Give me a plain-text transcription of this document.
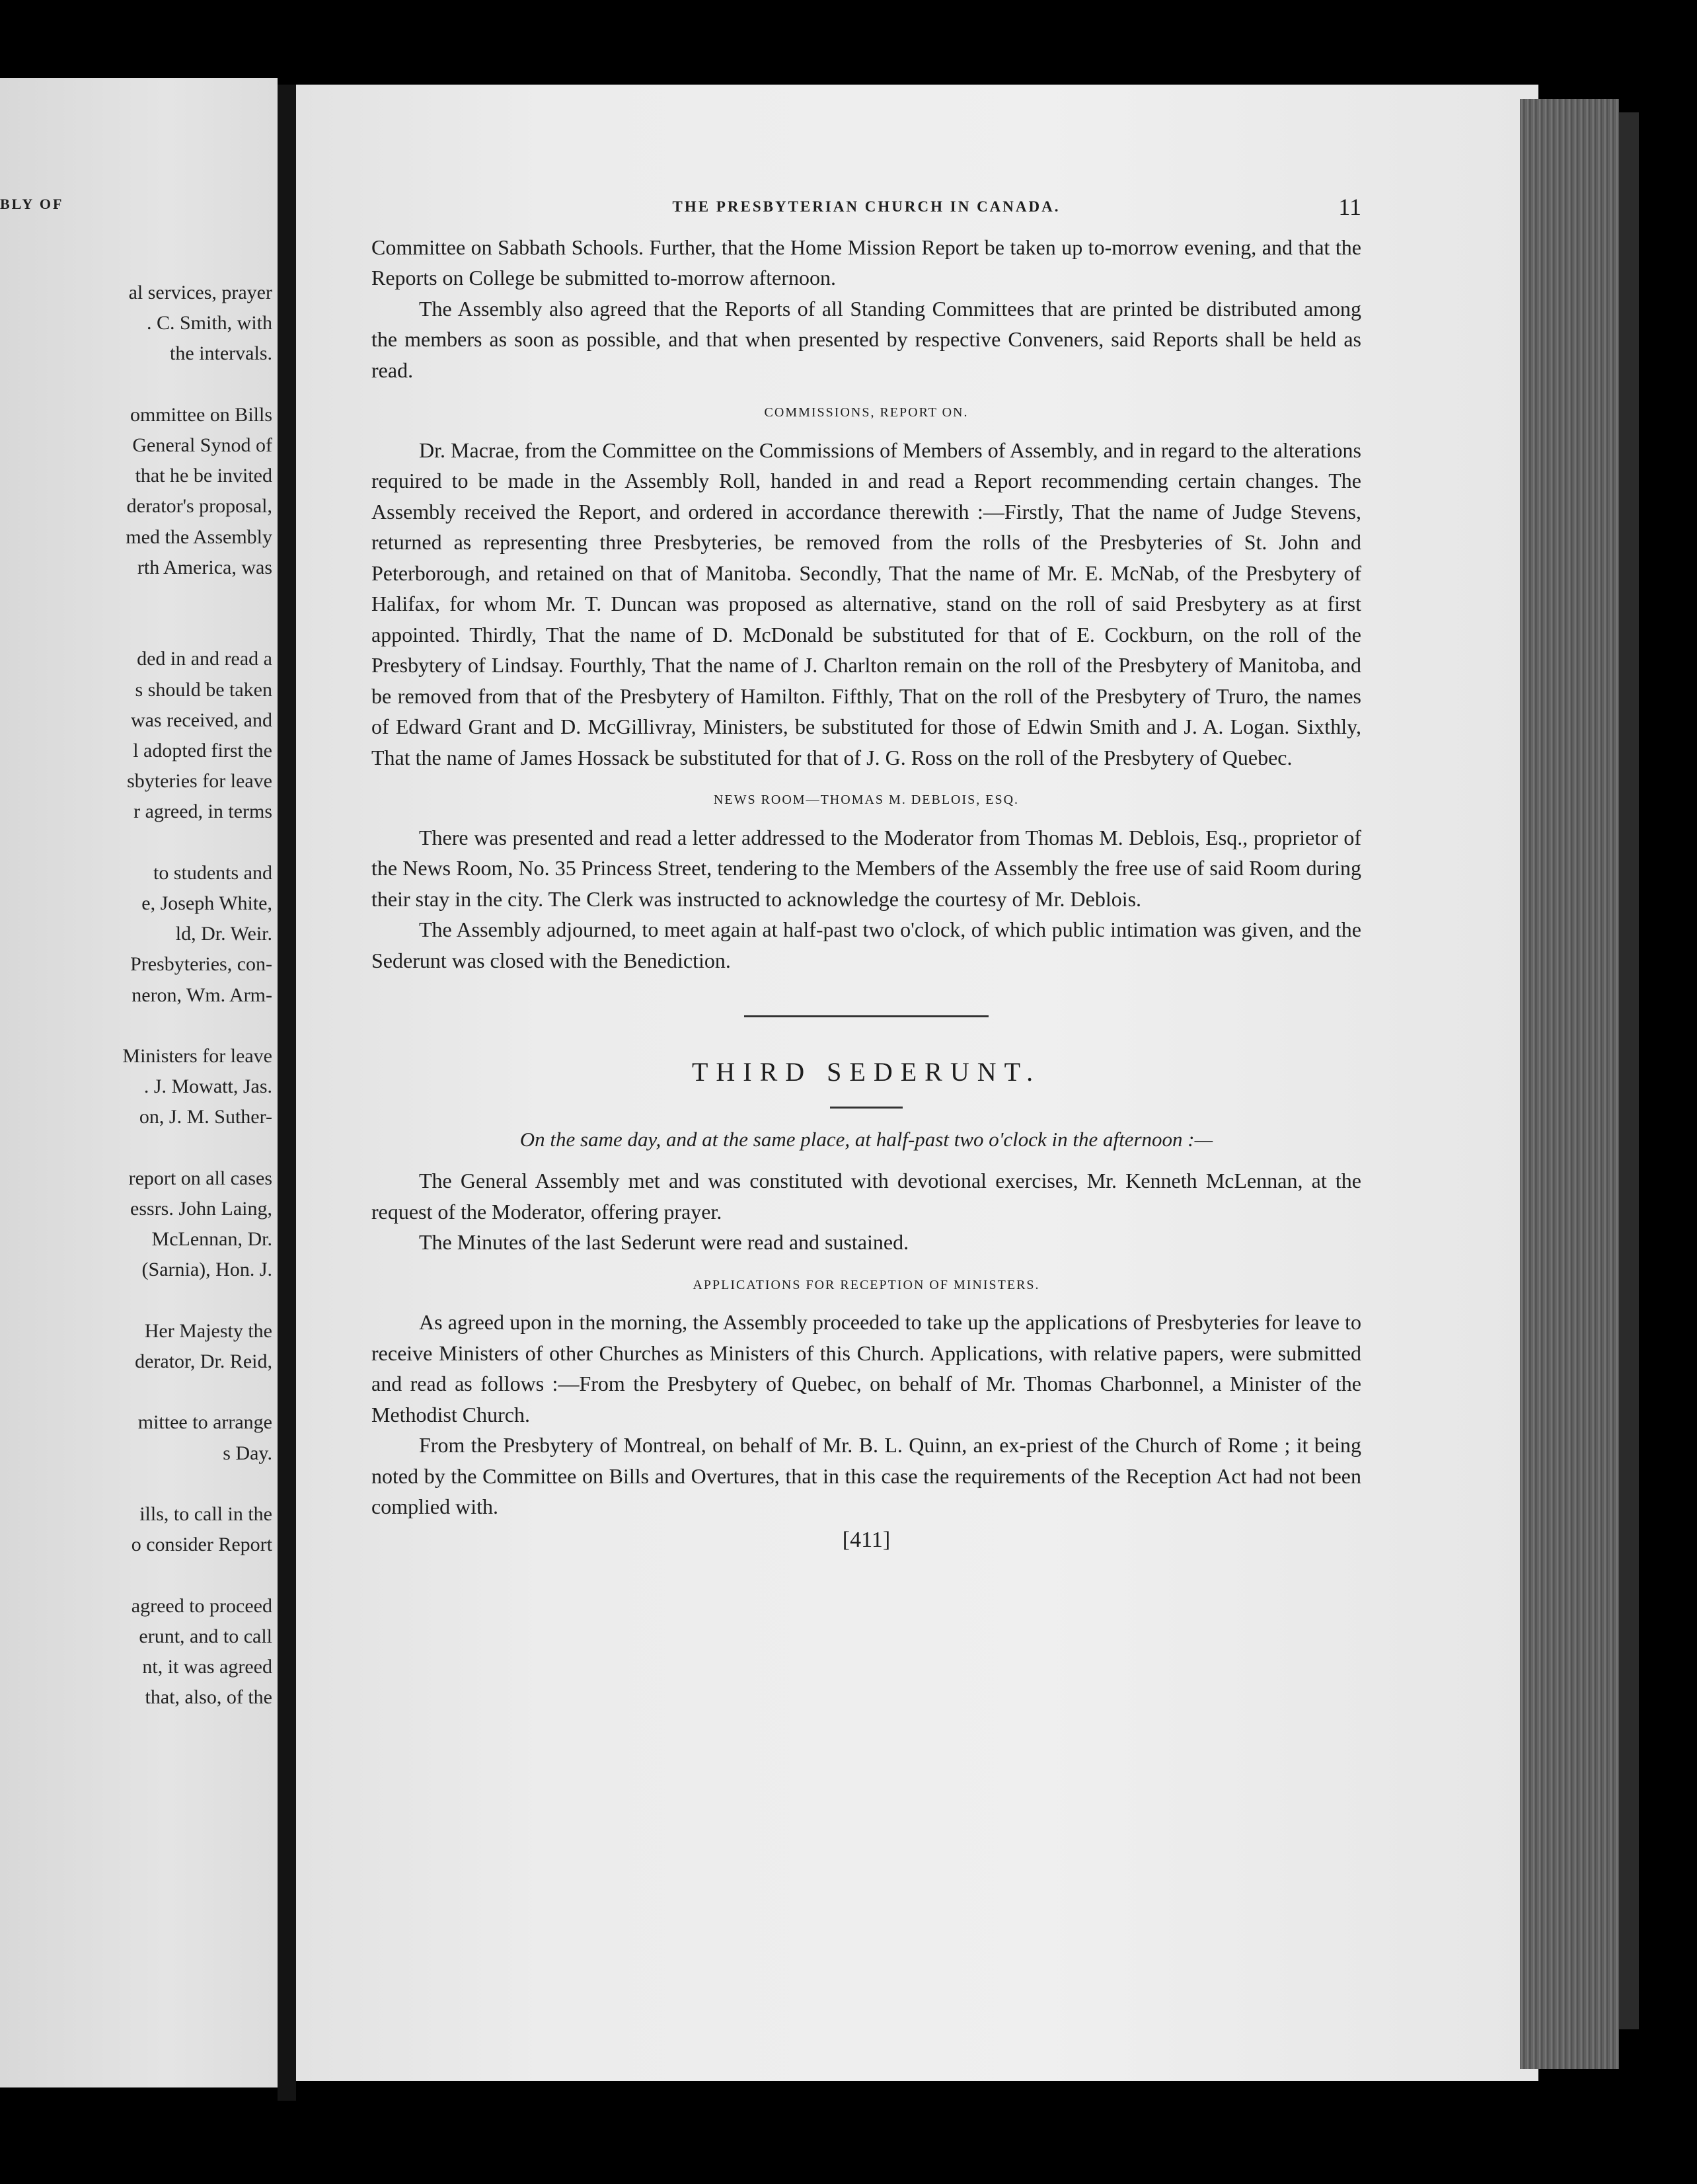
BLY OF
al services, prayer
. C. Smith, with
the intervals.
ommittee on Bills
General Synod of
that he be invited
derator's proposal,
med the Assembly
rth America, was
ded in and read a
s should be taken
was received, and
l adopted first the
sbyteries for leave
r agreed, in terms
to students and
e, Joseph White,
ld, Dr. Weir.
Presbyteries, con-
neron, Wm. Arm-
Ministers for leave
. J. Mowatt, Jas.
on, J. M. Suther-
report on all cases
essrs. John Laing,
McLennan, Dr.
(Sarnia), Hon. J.
Her Majesty the
derator, Dr. Reid,
mittee to arrange
s Day.
ills, to call in the
o consider Report
agreed to proceed
erunt, and to call
nt, it was agreed
that, also, of the
THE PRESBYTERIAN CHURCH IN CANADA.	11

Committee on Sabbath Schools. Further, that the Home Mission Report be taken up to-morrow evening, and that the Reports on College be submitted to-morrow afternoon.

The Assembly also agreed that the Reports of all Standing Committees that are printed be distributed among the members as soon as possible, and that when presented by respective Conveners, said Reports shall be held as read.

COMMISSIONS, REPORT ON.

Dr. Macrae, from the Committee on the Commissions of Members of Assembly, and in regard to the alterations required to be made in the Assembly Roll, handed in and read a Report recommending certain changes. The Assembly received the Report, and ordered in accordance therewith :—Firstly, That the name of Judge Stevens, returned as representing three Presbyteries, be removed from the rolls of the Presbyteries of St. John and Peterborough, and retained on that of Manitoba. Secondly, That the name of Mr. E. McNab, of the Presbytery of Halifax, for whom Mr. T. Duncan was proposed as alternative, stand on the roll of said Presbytery as at first appointed. Thirdly, That the name of D. McDonald be substituted for that of E. Cockburn, on the roll of the Presbytery of Lindsay. Fourthly, That the name of J. Charlton remain on the roll of the Presbytery of Manitoba, and be removed from that of the Presbytery of Hamilton. Fifthly, That on the roll of the Presbytery of Truro, the names of Edward Grant and D. McGillivray, Ministers, be substituted for those of Edwin Smith and J. A. Logan. Sixthly, That the name of James Hossack be substituted for that of J. G. Ross on the roll of the Presbytery of Quebec.

NEWS ROOM—THOMAS M. DEBLOIS, ESQ.

There was presented and read a letter addressed to the Moderator from Thomas M. Deblois, Esq., proprietor of the News Room, No. 35 Princess Street, tendering to the Members of the Assembly the free use of said Room during their stay in the city. The Clerk was instructed to acknowledge the courtesy of Mr. Deblois.

The Assembly adjourned, to meet again at half-past two o'clock, of which public intimation was given, and the Sederunt was closed with the Benediction.

THIRD SEDERUNT.
On the same day, and at the same place, at half-past two o'clock in the afternoon :—

The General Assembly met and was constituted with devotional exercises, Mr. Kenneth McLennan, at the request of the Moderator, offering prayer.

The Minutes of the last Sederunt were read and sustained.

APPLICATIONS FOR RECEPTION OF MINISTERS.

As agreed upon in the morning, the Assembly proceeded to take up the applications of Presbyteries for leave to receive Ministers of other Churches as Ministers of this Church. Applications, with relative papers, were submitted and read as follows :—From the Presbytery of Quebec, on behalf of Mr. Thomas Charbonnel, a Minister of the Methodist Church.

From the Presbytery of Montreal, on behalf of Mr. B. L. Quinn, an ex-priest of the Church of Rome ; it being noted by the Committee on Bills and Overtures, that in this case the requirements of the Reception Act had not been complied with.

[411]
